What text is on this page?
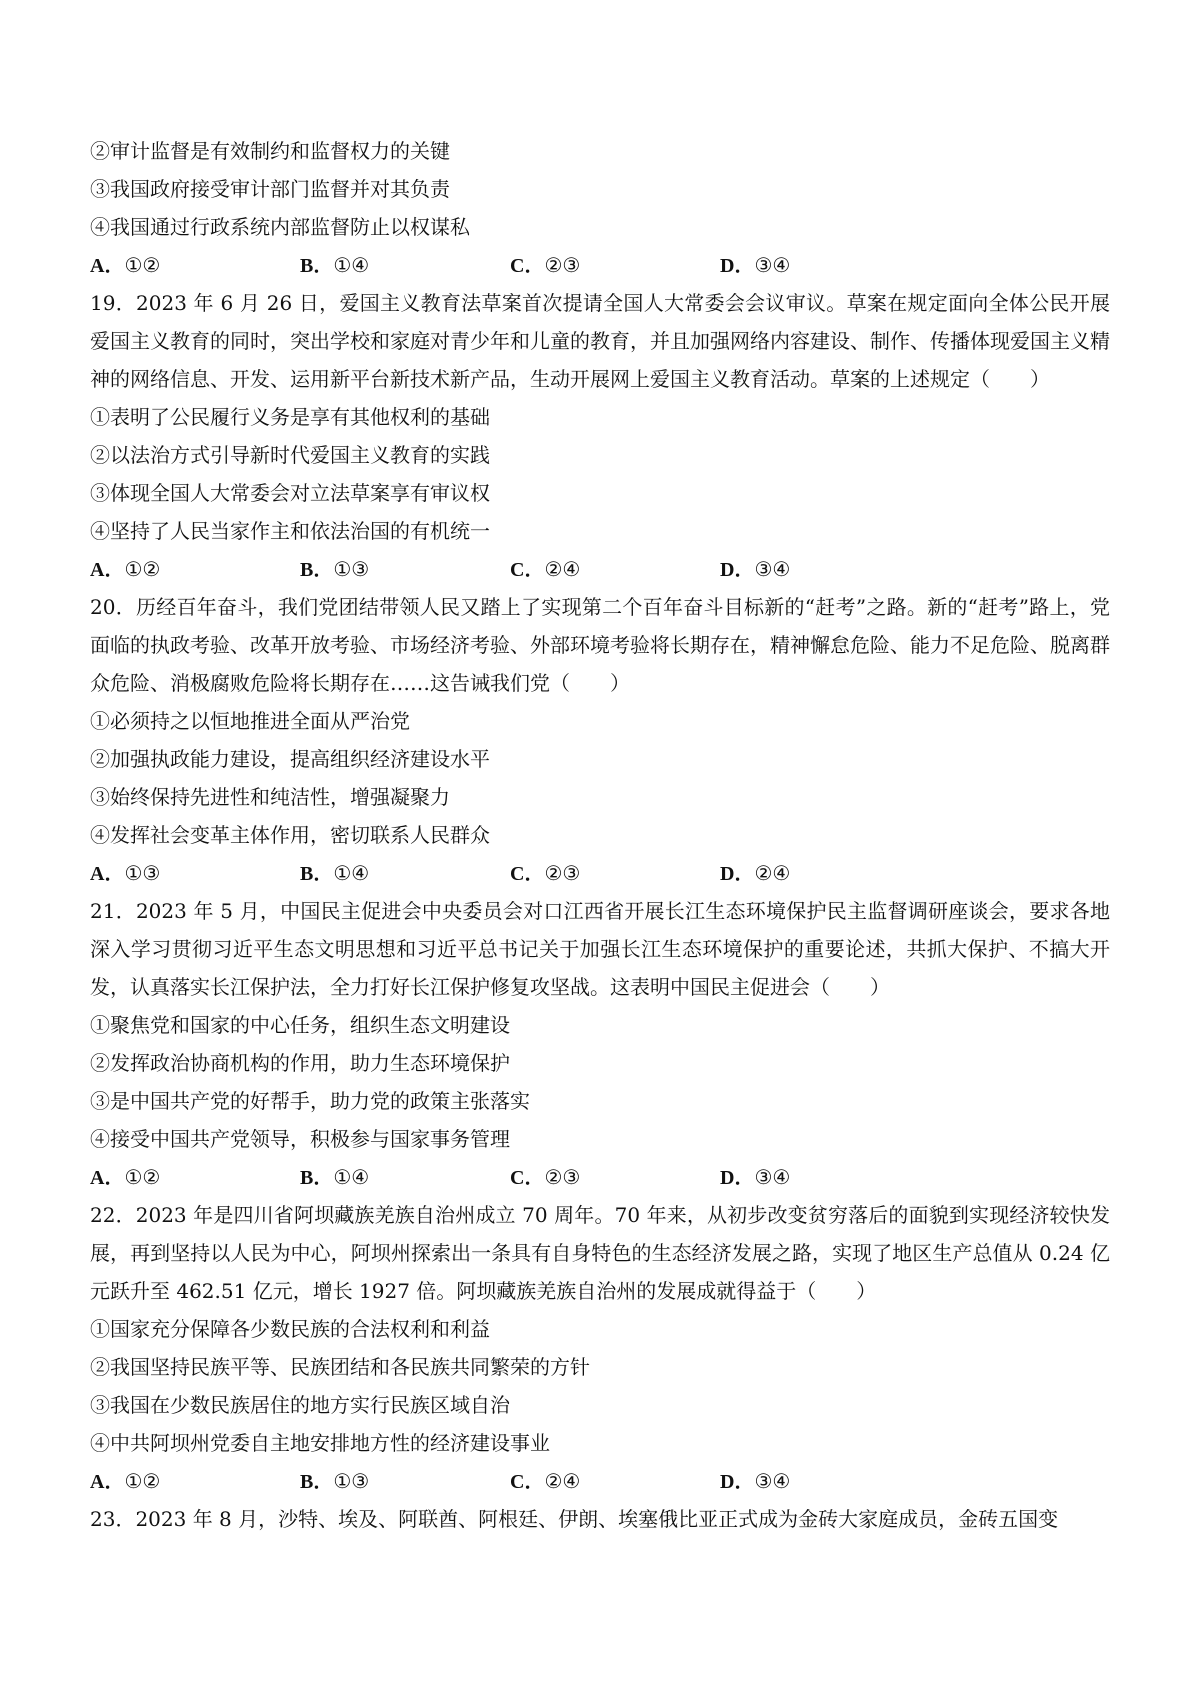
②审计监督是有效制约和监督权力的关键
③我国政府接受审计部门监督并对其负责
④我国通过行政系统内部监督防止以权谋私
A．①②	B．①④	C．②③	D．③④
19．2023 年 6 月 26 日，爱国主义教育法草案首次提请全国人大常委会会议审议。草案在规定面向全体公民开展爱国主义教育的同时，突出学校和家庭对青少年和儿童的教育，并且加强网络内容建设、制作、传播体现爱国主义精神的网络信息、开发、运用新平台新技术新产品，生动开展网上爱国主义教育活动。草案的上述规定（　　）
①表明了公民履行义务是享有其他权利的基础
②以法治方式引导新时代爱国主义教育的实践
③体现全国人大常委会对立法草案享有审议权
④坚持了人民当家作主和依法治国的有机统一
A．①②	B．①③	C．②④	D．③④
20．历经百年奋斗，我们党团结带领人民又踏上了实现第二个百年奋斗目标新的“赶考”之路。新的“赶考”路上，党面临的执政考验、改革开放考验、市场经济考验、外部环境考验将长期存在，精神懈怠危险、能力不足危险、脱离群众危险、消极腐败危险将长期存在……这告诫我们党（　　）
①必须持之以恒地推进全面从严治党
②加强执政能力建设，提高组织经济建设水平
③始终保持先进性和纯洁性，增强凝聚力
④发挥社会变革主体作用，密切联系人民群众
A．①③	B．①④	C．②③	D．②④
21．2023 年 5 月，中国民主促进会中央委员会对口江西省开展长江生态环境保护民主监督调研座谈会，要求各地深入学习贯彻习近平生态文明思想和习近平总书记关于加强长江生态环境保护的重要论述，共抓大保护、不搞大开发，认真落实长江保护法，全力打好长江保护修复攻坚战。这表明中国民主促进会（　　）
①聚焦党和国家的中心任务，组织生态文明建设
②发挥政治协商机构的作用，助力生态环境保护
③是中国共产党的好帮手，助力党的政策主张落实
④接受中国共产党领导，积极参与国家事务管理
A．①②	B．①④	C．②③	D．③④
22．2023 年是四川省阿坝藏族羌族自治州成立 70 周年。70 年来，从初步改变贫穷落后的面貌到实现经济较快发展，再到坚持以人民为中心，阿坝州探索出一条具有自身特色的生态经济发展之路，实现了地区生产总值从 0.24 亿元跃升至 462.51 亿元，增长 1927 倍。阿坝藏族羌族自治州的发展成就得益于（　　）
①国家充分保障各少数民族的合法权利和利益
②我国坚持民族平等、民族团结和各民族共同繁荣的方针
③我国在少数民族居住的地方实行民族区域自治
④中共阿坝州党委自主地安排地方性的经济建设事业
A．①②	B．①③	C．②④	D．③④
23．2023 年 8 月，沙特、埃及、阿联酋、阿根廷、伊朗、埃塞俄比亚正式成为金砖大家庭成员，金砖五国变
